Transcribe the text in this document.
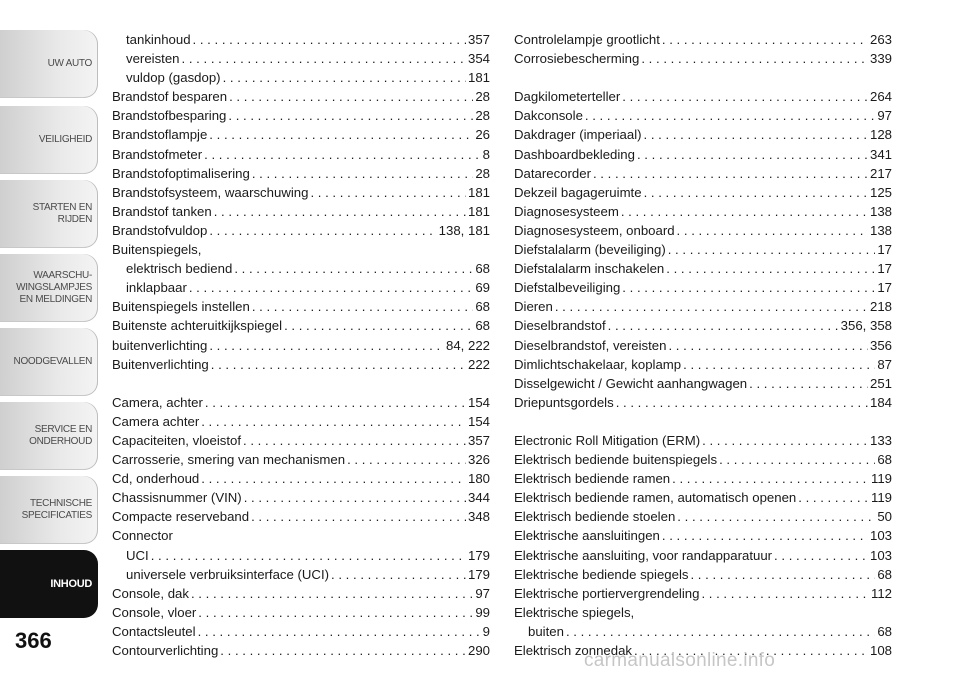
UW AUTO
VEILIGHEID
STARTEN EN
RIJDEN
WAARSCHU-
WINGSLAMPJES
EN MELDINGEN
NOODGEVALLEN
SERVICE EN
ONDERHOUD
TECHNISCHE
SPECIFICATIES
INHOUD
366
tankinhoud . . .	357
vereisten . . .	354
vuldop (gasdop) . . .	181
Brandstof besparen . . .	28
Brandstofbesparing . . .	28
Brandstoflampje . . .	26
Brandstofmeter . . .	8
Brandstofoptimalisering . . .	28
Brandstofsysteem, waarschuwing . . .	181
Brandstof tanken . . .	181
Brandstofvuldop . . .	138, 181
Buitenspiegels,
elektrisch bediend . . .	68
inklapbaar . . .	69
Buitenspiegels instellen . . .	68
Buitenste achteruitkijkspiegel . . .	68
buitenverlichting . . .	84, 222
Buitenverlichting . . .	222
Camera, achter . . .	154
Camera achter . . .	154
Capaciteiten, vloeistof . . .	357
Carrosserie, smering van mechanismen . . .	326
Cd, onderhoud . . .	180
Chassisnummer (VIN) . . .	344
Compacte reserveband . . .	348
Connector
UCI . . .	179
universele verbruiksinterface (UCI) . . .	179
Console, dak . . .	97
Console, vloer . . .	99
Contactsleutel . . .	9
Contourverlichting . . .	290
Controlelampje grootlicht . . .	263
Corrosiebescherming . . .	339
Dagkilometerteller . . .	264
Dakconsole . . .	97
Dakdrager (imperiaal) . . .	128
Dashboardbekleding . . .	341
Datarecorder . . .	217
Dekzeil bagageruimte . . .	125
Diagnosesysteem . . .	138
Diagnosesysteem, onboard . . .	138
Diefstalalarm (beveiliging) . . .	17
Diefstalalarm inschakelen . . .	17
Diefstalbeveiliging . . .	17
Dieren . . .	218
Dieselbrandstof . . .	356, 358
Dieselbrandstof, vereisten . . .	356
Dimlichtschakelaar, koplamp . . .	87
Disselgewicht / Gewicht aanhangwagen . . .	251
Driepuntsgordels . . .	184
Electronic Roll Mitigation (ERM) . . .	133
Elektrisch bediende buitenspiegels . . .	68
Elektrisch bediende ramen . . .	119
Elektrisch bediende ramen, automatisch openen . . .	119
Elektrisch bediende stoelen . . .	50
Elektrische aansluitingen . . .	103
Elektrische aansluiting, voor randapparatuur . . .	103
Elektrische bediende spiegels . . .	68
Elektrische portiervergrendeling . . .	112
Elektrische spiegels,
buiten . . .	68
Elektrisch zonnedak . . .	108
carmanualsonline.info
